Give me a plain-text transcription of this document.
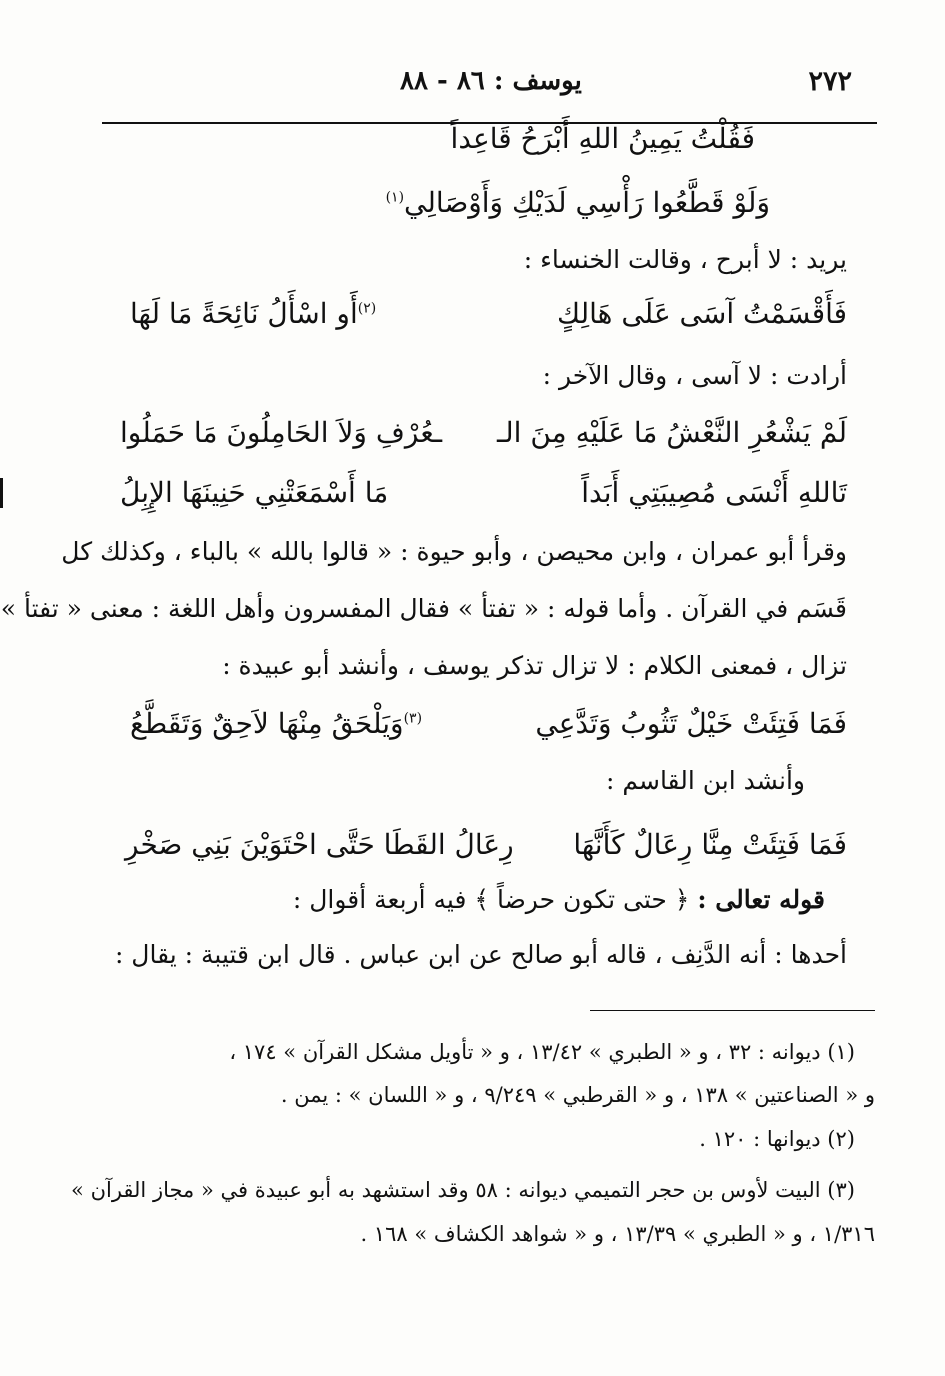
٢٧٢
يوسف : ٨٦ - ٨٨
فَقُلْتُ يَمِينُ اللهِ أَبْرَحُ قَاعِداً
وَلَوْ قَطَّعُوا رَأْسِي لَدَيْكِ وَأَوْصَالِي$^{(١)}$
يريد : لا أبرح ، وقالت الخنساء :
فَأَقْسَمْتُ آسَى عَلَى هَالِكٍ
$^{(٢)}$أَو اسْأَلُ نَائِحَةً مَا لَهَا
أرادت : لا آسى ، وقال الآخر :
لَمْ يَشْعُرِ النَّعْشُ مَا عَلَيْهِ مِنَ الـ
ـعُرْفِ وَلاَ الحَامِلُونَ مَا حَمَلُوا
تَاللهِ أَنْسَى مُصِيبَتِي أَبَداً
مَا أَسْمَعَتْنِي حَنِينَهَا الإِبِلُ
وقرأ أبو عمران ، وابن محيصن ، وأبو حيوة : « قالوا بالله » بالباء ، وكذلك كل
قَسَم في القرآن . وأما قوله : « تفتأ » فقال المفسرون وأهل اللغة : معنى « تفتأ »
تزال ، فمعنى الكلام : لا تزال تذكر يوسف ، وأنشد أبو عبيدة :
فَمَا فَتِئَتْ خَيْلٌ تَثُوبُ وَتَدَّعِي
$^{(٣)}$وَيَلْحَقُ مِنْهَا لاَحِقٌ وَتَقَطَّعُ
وأنشد ابن القاسم :
فَمَا فَتِئَتْ مِنَّا رِعَالٌ كَأَنَّهَا
رِعَالُ القَطَا حَتَّى احْتَوَيْنَ بَنِي صَخْرِ
قوله تعالى : ﴿ حتى تكون حرضاً ﴾ فيه أربعة أقوال :
أحدها : أنه الدَّنِف ، قاله أبو صالح عن ابن عباس . قال ابن قتيبة : يقال :
(١) ديوانه : ٣٢ ، و « الطبري » ١٣/٤٢ ، و « تأويل مشكل القرآن » ١٧٤ ،
و « الصناعتين » ١٣٨ ، و « القرطبي » ٩/٢٤٩ ، و « اللسان » : يمن .
(٢) ديوانها : ١٢٠ .
(٣) البيت لأوس بن حجر التميمي ديوانه : ٥٨ وقد استشهد به أبو عبيدة في « مجاز القرآن »
١/٣١٦ ، و « الطبري » ١٣/٣٩ ، و « شواهد الكشاف » ١٦٨ .
